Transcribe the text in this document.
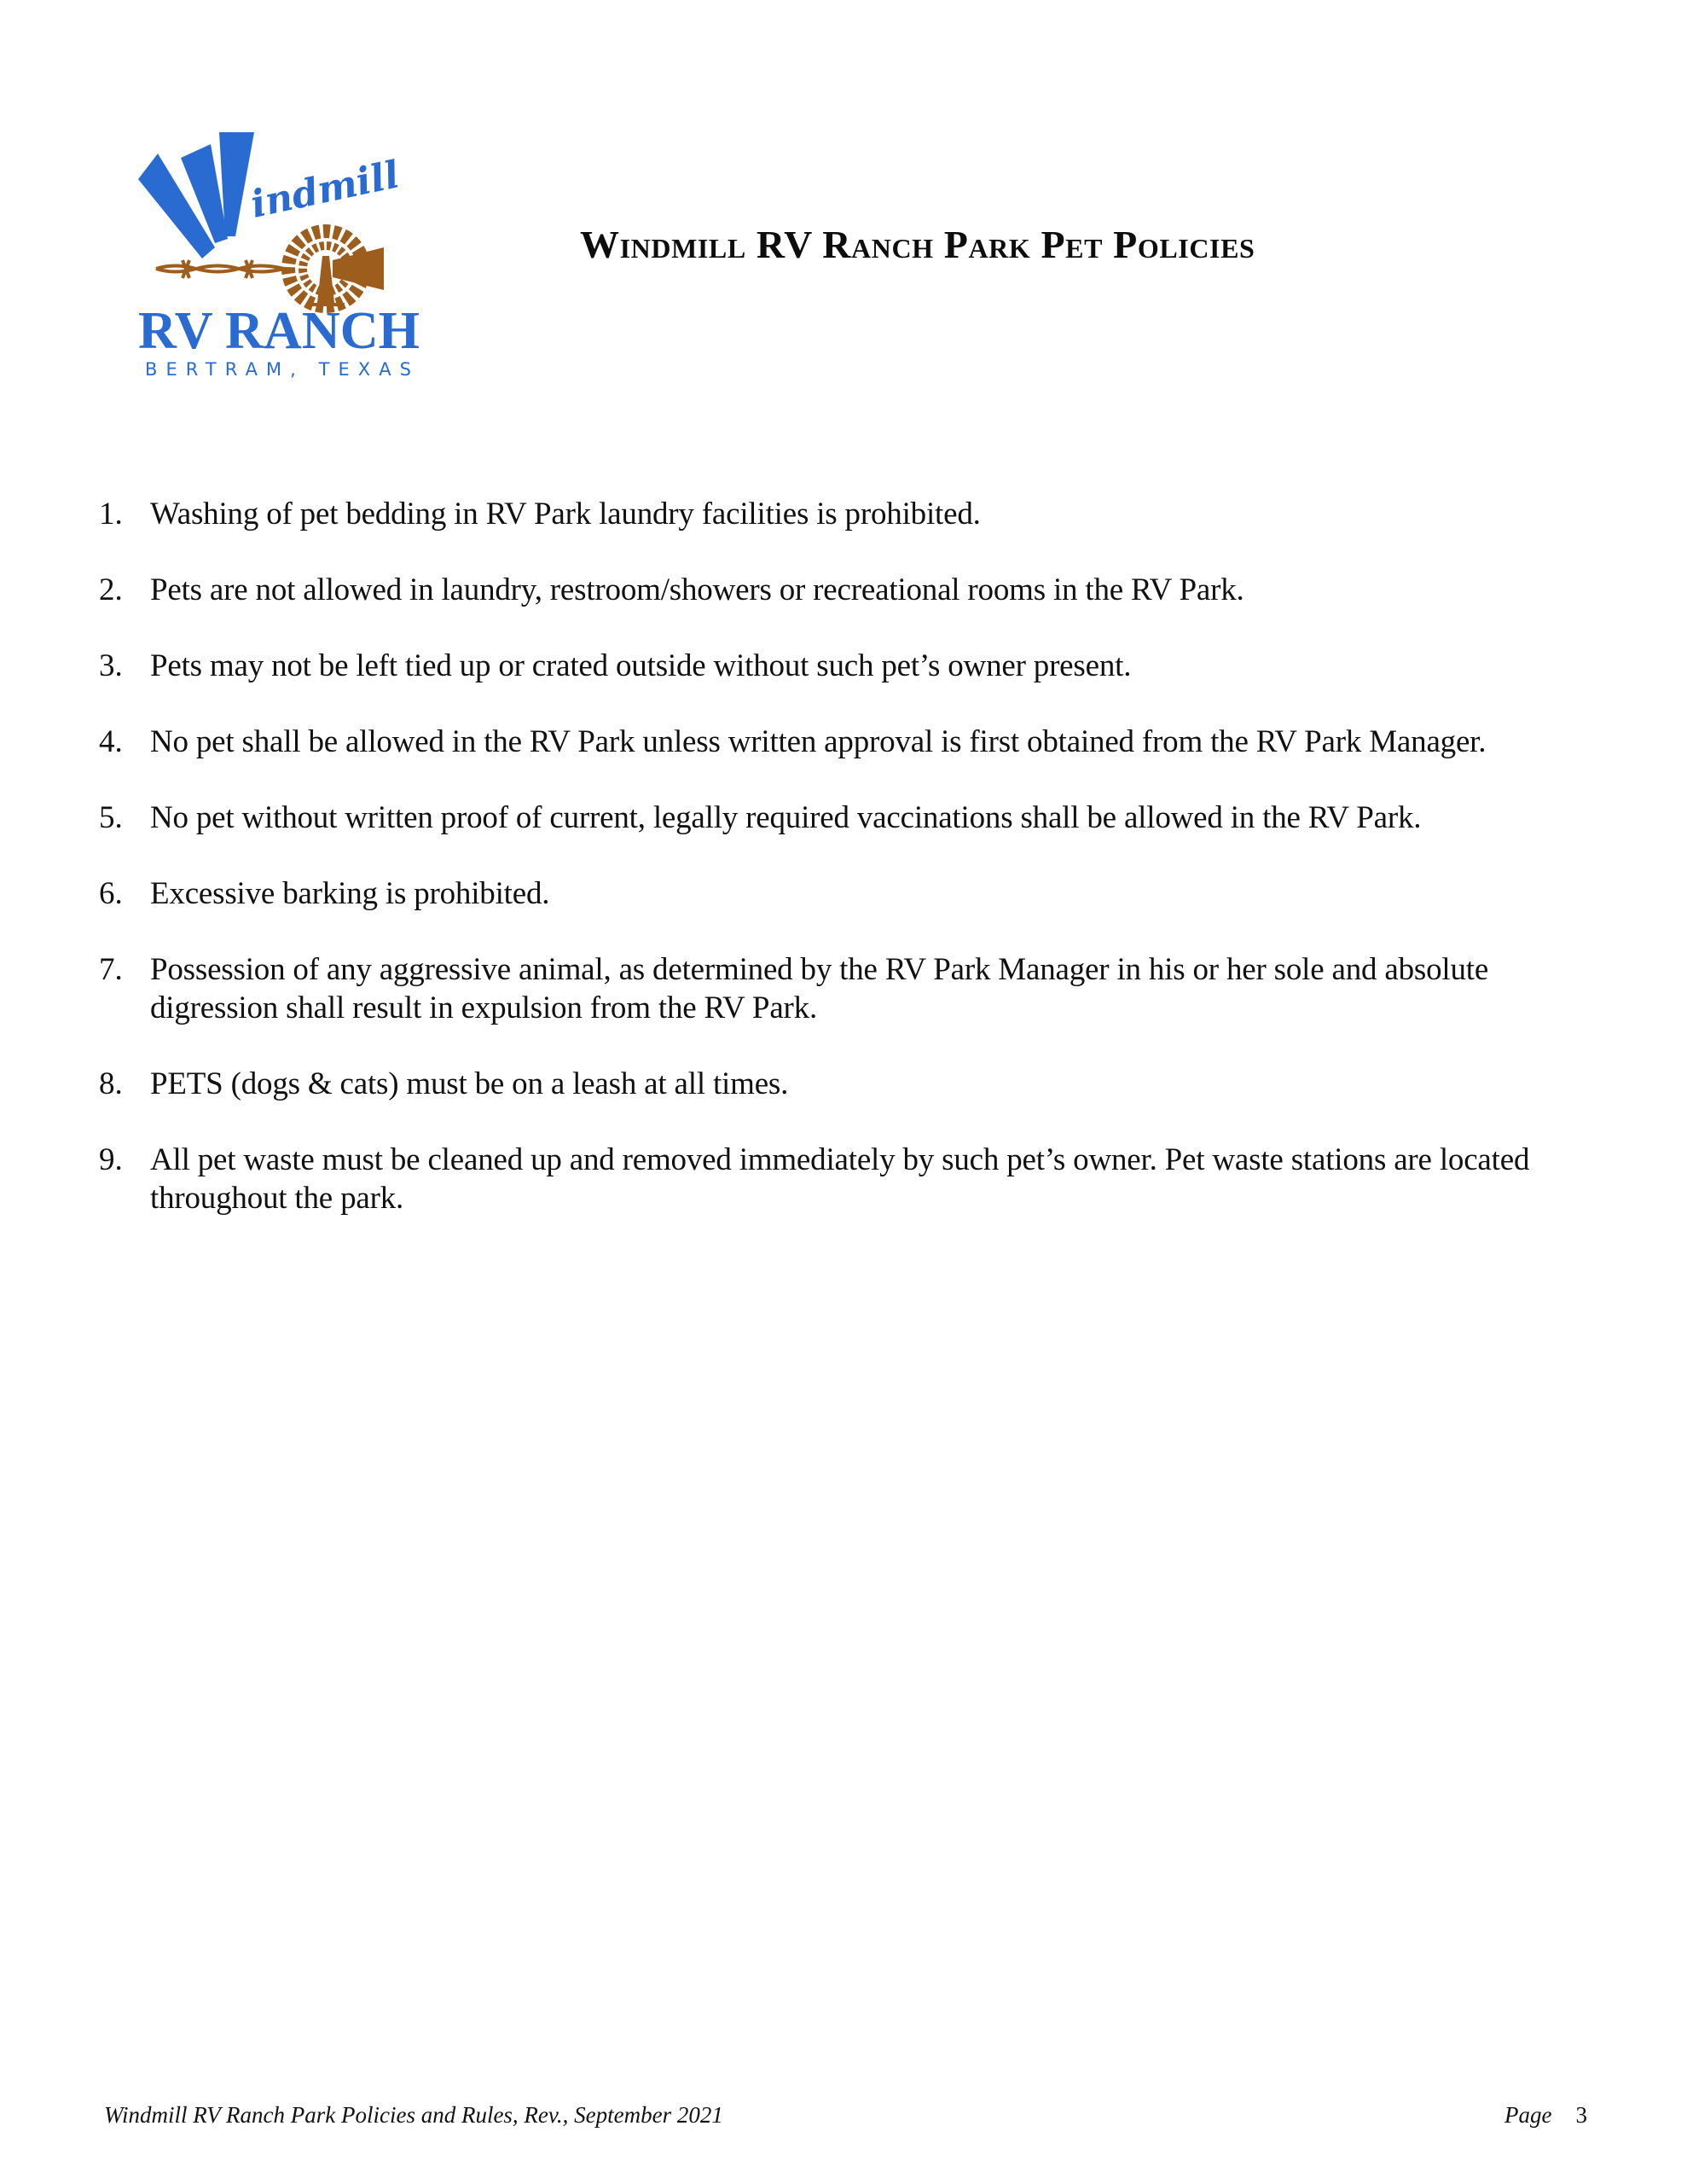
indmill
RV RANCH
BERTRAM, TEXAS
Windmill RV Ranch Park Pet Policies
1. Washing of pet bedding in RV Park laundry facilities is prohibited.
2. Pets are not allowed in laundry, restroom/showers or recreational rooms in the RV Park.
3. Pets may not be left tied up or crated outside without such pet’s owner present.
4. No pet shall be allowed in the RV Park unless written approval is first obtained from the RV Park Manager.
5. No pet without written proof of current, legally required vaccinations shall be allowed in the RV Park.
6. Excessive barking is prohibited.
7. Possession of any aggressive animal, as determined by the RV Park Manager in his or her sole and absolute digression shall result in expulsion from the RV Park.
8. PETS (dogs & cats) must be on a leash at all times.
9. All pet waste must be cleaned up and removed immediately by such pet’s owner. Pet waste stations are located throughout the park.
Windmill RV Ranch Park Policies and Rules, Rev., September 2021	Page 3
